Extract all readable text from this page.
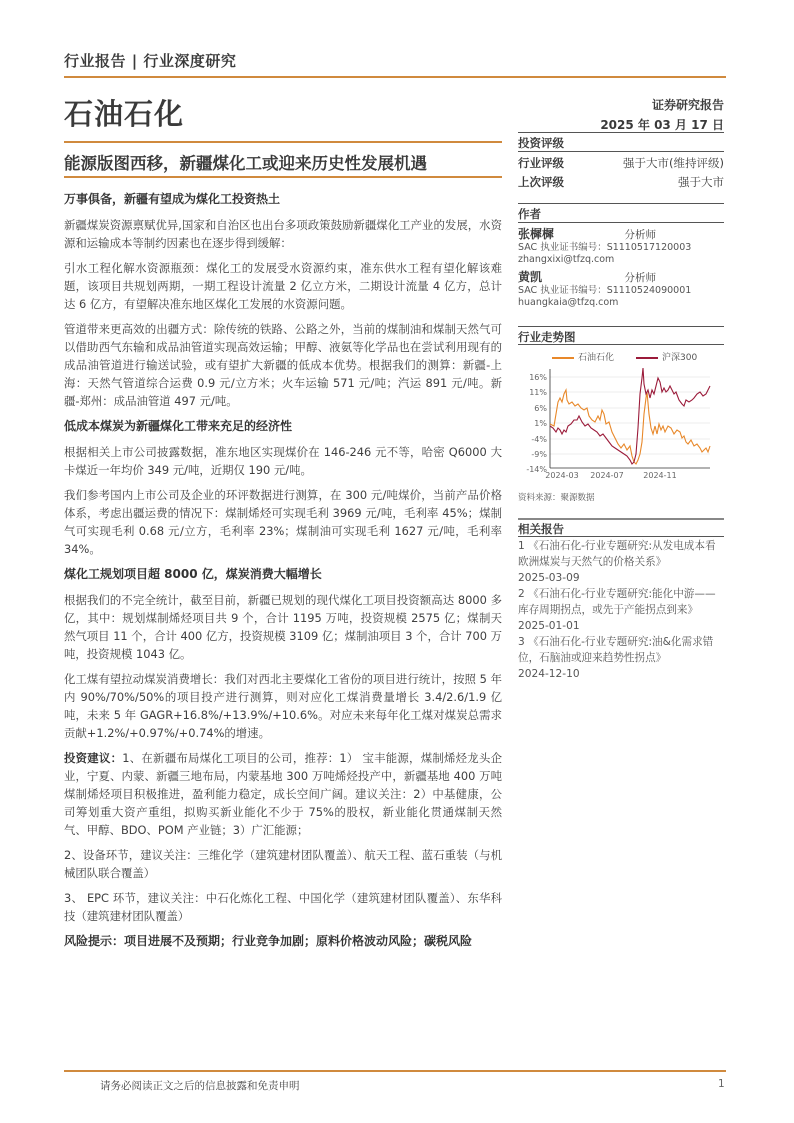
行业报告 | 行业深度研究
石油石化
能源版图西移，新疆煤化工或迎来历史性发展机遇
证券研究报告
2025 年 03 月 17 日
投资评级
行业评级	强于大市(维持评级)
上次评级	强于大市
作者
张樨樨	分析师
SAC 执业证书编号：S1110517120003
zhangxixi@tfzq.com
黄凯	分析师
SAC 执业证书编号：S1110524090001
huangkaia@tfzq.com
行业走势图
石油石化	沪深300
16%
11%
6%
1%
-4%
-9%
-14%
2024-03 2024-07 2024-11
资料来源：聚源数据
相关报告
1 《石油石化-行业专题研究:从发电成本看欧洲煤炭与天然气的价格关系》
2025-03-09
2 《石油石化-行业专题研究:能化中游——库存周期拐点，或先于产能拐点到来》 2025-01-01
3 《石油石化-行业专题研究:油&化需求错位，石脑油或迎来趋势性拐点》
2024-12-10
万事俱备，新疆有望成为煤化工投资热土

新疆煤炭资源禀赋优异,国家和自治区也出台多项政策鼓励新疆煤化工产业的发展，水资源和运输成本等制约因素也在逐步得到缓解：

引水工程化解水资源瓶颈：煤化工的发展受水资源约束，准东供水工程有望化解该难题，该项目共规划两期，一期工程设计流量 2 亿立方米，二期设计流量 4 亿方，总计达 6 亿方，有望解决准东地区煤化工发展的水资源问题。

管道带来更高效的出疆方式：除传统的铁路、公路之外，当前的煤制油和煤制天然气可以借助西气东输和成品油管道实现高效运输；甲醇、液氨等化学品也在尝试利用现有的成品油管道进行输送试验，或有望扩大新疆的低成本优势。根据我们的测算：新疆-上海：天然气管道综合运费 0.9 元/立方米；火车运输 571 元/吨；汽运 891 元/吨。新疆-郑州：成品油管道 497 元/吨。

低成本煤炭为新疆煤化工带来充足的经济性

根据相关上市公司披露数据，准东地区实现煤价在 146-246 元不等，哈密 Q6000 大卡煤近一年均价 349 元/吨，近期仅 190 元/吨。

我们参考国内上市公司及企业的环评数据进行测算，在 300 元/吨煤价，当前产品价格体系，考虑出疆运费的情况下：煤制烯烃可实现毛利 3969 元/吨，毛利率 45%；煤制气可实现毛利 0.68 元/立方，毛利率 23%；煤制油可实现毛利 1627 元/吨，毛利率 34%。

煤化工规划项目超 8000 亿，煤炭消费大幅增长

根据我们的不完全统计，截至目前，新疆已规划的现代煤化工项目投资额高达 8000 多亿，其中：规划煤制烯烃项目共 9 个，合计 1195 万吨，投资规模 2575 亿；煤制天然气项目 11 个，合计 400 亿方，投资规模 3109 亿；煤制油项目 3 个，合计 700 万吨，投资规模 1043 亿。

化工煤有望拉动煤炭消费增长：我们对西北主要煤化工省份的项目进行统计，按照 5 年内 90%/70%/50%的项目投产进行测算，则对应化工煤消费量增长 3.4/2.6/1.9 亿吨，未来 5 年 GAGR+16.8%/+13.9%/+10.6%。对应未来每年化工煤对煤炭总需求贡献+1.2%/+0.97%/+0.74%的增速。

投资建议：1、在新疆布局煤化工项目的公司，推荐：1） 宝丰能源，煤制烯烃龙头企业，宁夏、内蒙、新疆三地布局，内蒙基地 300 万吨烯烃投产中，新疆基地 400 万吨煤制烯烃项目积极推进，盈利能力稳定，成长空间广阔。建议关注：2）中基健康，公司筹划重大资产重组，拟购买新业能化不少于 75%的股权，新业能化贯通煤制天然气、甲醇、BDO、POM 产业链；3）广汇能源；

2、设备环节，建议关注：三维化学（建筑建材团队覆盖）、航天工程、蓝石重装（与机械团队联合覆盖）

3、 EPC 环节，建议关注：中石化炼化工程、中国化学（建筑建材团队覆盖）、东华科技（建筑建材团队覆盖）

风险提示：项目进展不及预期；行业竞争加剧；原料价格波动风险；碳税风险

请务必阅读正文之后的信息披露和免责申明	1
